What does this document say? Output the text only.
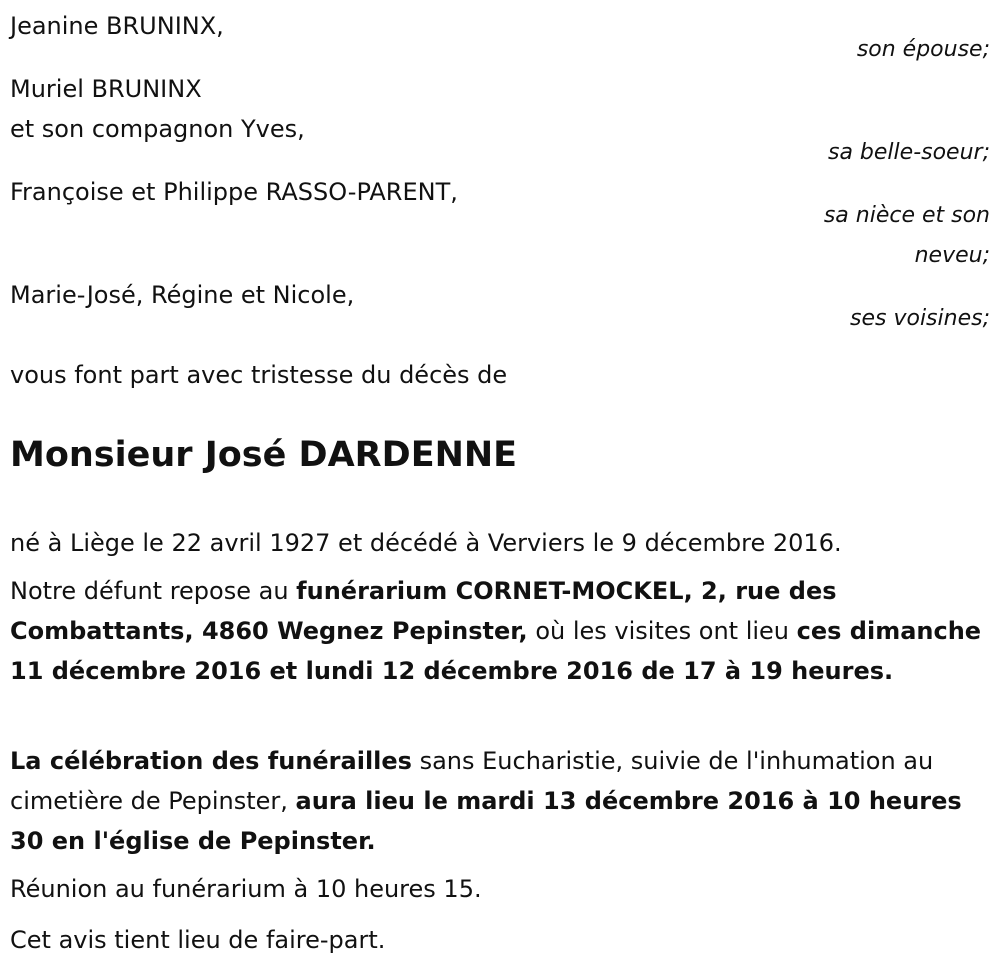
Jeanine BRUNINX,
son épouse;
Muriel BRUNINX
et son compagnon Yves,
sa belle-soeur;
Françoise et Philippe RASSO-PARENT,
sa nièce et son
neveu;
Marie-José, Régine et Nicole,
ses voisines;
vous font part avec tristesse du décès de
Monsieur José DARDENNE
né à Liège le 22 avril 1927 et décédé à Verviers le 9 décembre 2016.
Notre défunt repose au funérarium CORNET-MOCKEL, 2, rue des Combattants, 4860 Wegnez Pepinster, où les visites ont lieu ces dimanche 11 décembre 2016 et lundi 12 décembre 2016 de 17 à 19 heures.
La célébration des funérailles sans Eucharistie, suivie de l'inhumation au cimetière de Pepinster, aura lieu le mardi 13 décembre 2016 à 10 heures 30 en l'église de Pepinster.
Réunion au funérarium à 10 heures 15.
Cet avis tient lieu de faire-part.
